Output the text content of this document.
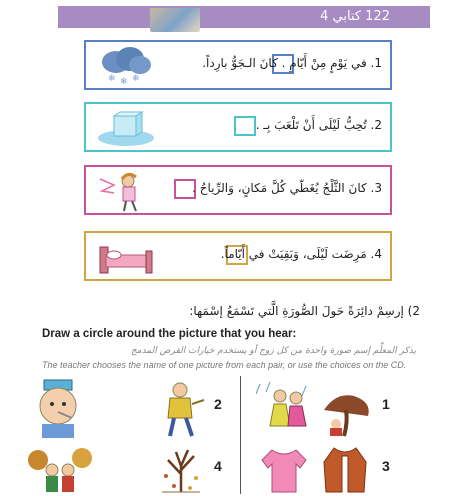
122 كتابي 4
❄ ❄ ❄
1. في يَوْمٍ مِنْ أَيّامِ . كانَ الـجَوُّ بارِداً.
2. تُحِبُّ لَيْلَى أَنْ تَلْعَبَ بِـ .
3. كانَ الثَّلْجُ يُغَطّي كُلَّ مَكانٍ، وَالرِّياحُ .
4. مَرِضَت لَيْلَى، وَبَقِيَتْ في أَيّاماً.
2) إرسِمْ دائِرَةً حَولَ الصُّورَةِ الَّتي تَسْمَعُ إسْمَها:
Draw a circle around the picture that you hear:
يذكر المعلِّم إسم صورة واحدة من كل زوج أو يستخدم خيارات القرص المدمج
The teacher chooses the name of one picture from each pair, or use the choices on the CD.
1
2
3
4
